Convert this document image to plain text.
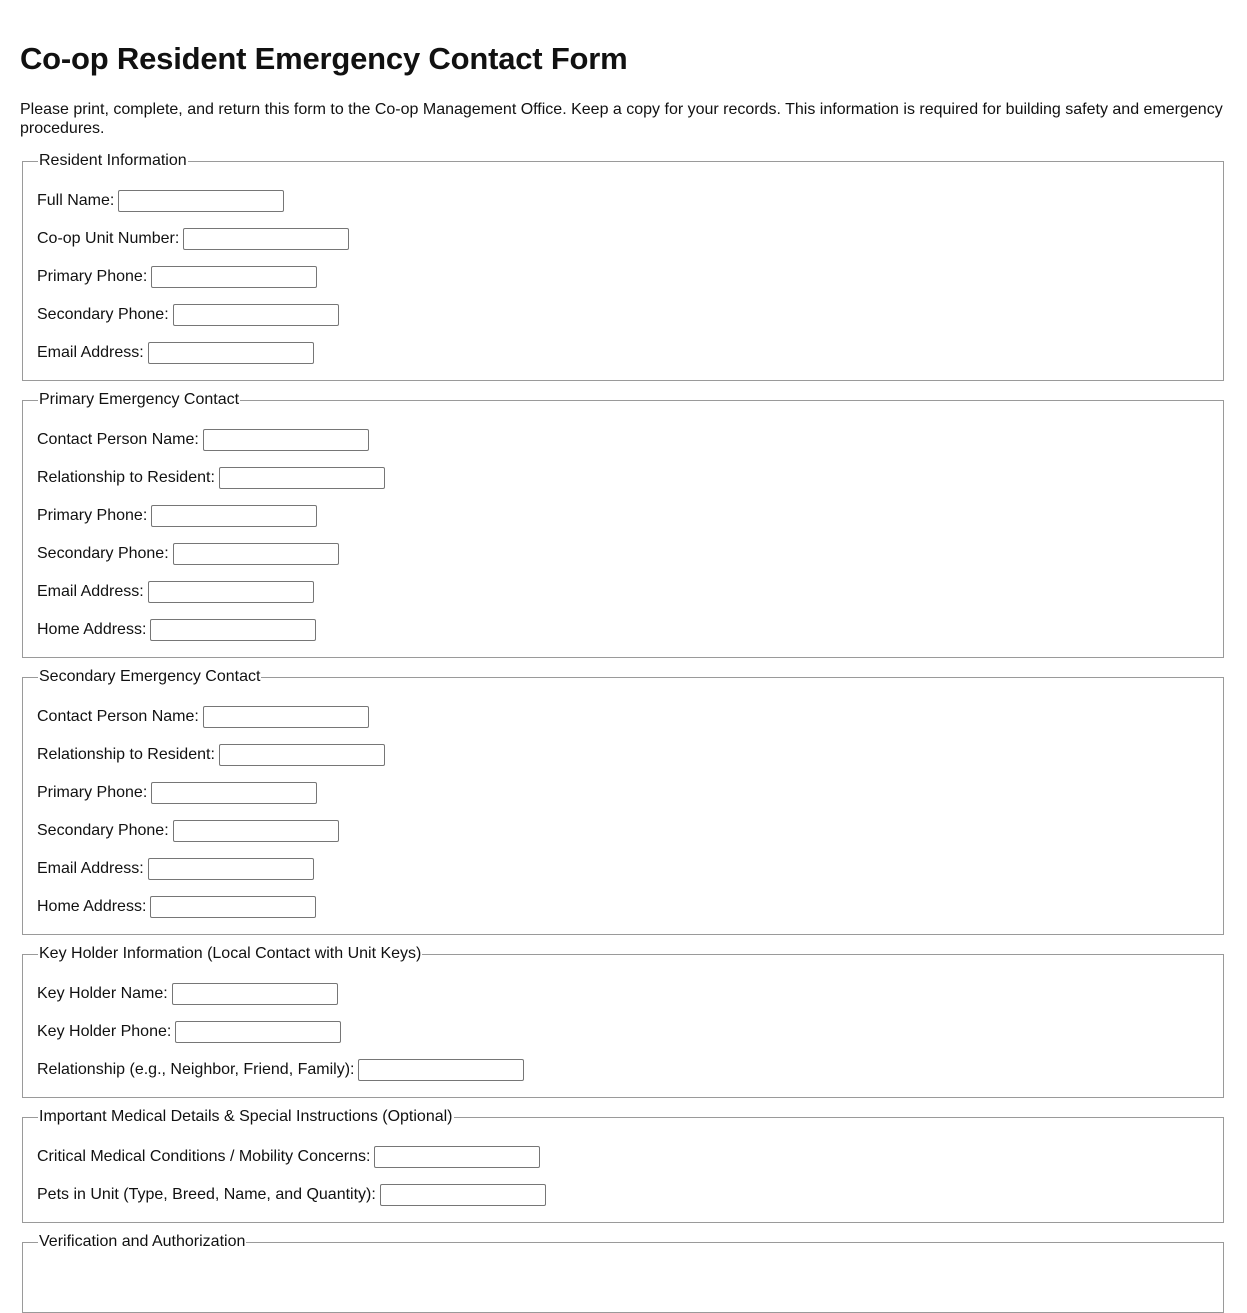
Co-op Resident Emergency Contact Form

Please print, complete, and return this form to the Co-op Management Office. Keep a copy for your records. This information is required for building safety and emergency procedures.

Resident Information
Full Name:
Co-op Unit Number:
Primary Phone:
Secondary Phone:
Email Address:
Primary Emergency Contact
Contact Person Name:
Relationship to Resident:
Primary Phone:
Secondary Phone:
Email Address:
Home Address:
Secondary Emergency Contact
Contact Person Name:
Relationship to Resident:
Primary Phone:
Secondary Phone:
Email Address:
Home Address:
Key Holder Information (Local Contact with Unit Keys)
Key Holder Name:
Key Holder Phone:
Relationship (e.g., Neighbor, Friend, Family):
Important Medical Details & Special Instructions (Optional)
Critical Medical Conditions / Mobility Concerns:
Pets in Unit (Type, Breed, Name, and Quantity):
Verification and Authorization
